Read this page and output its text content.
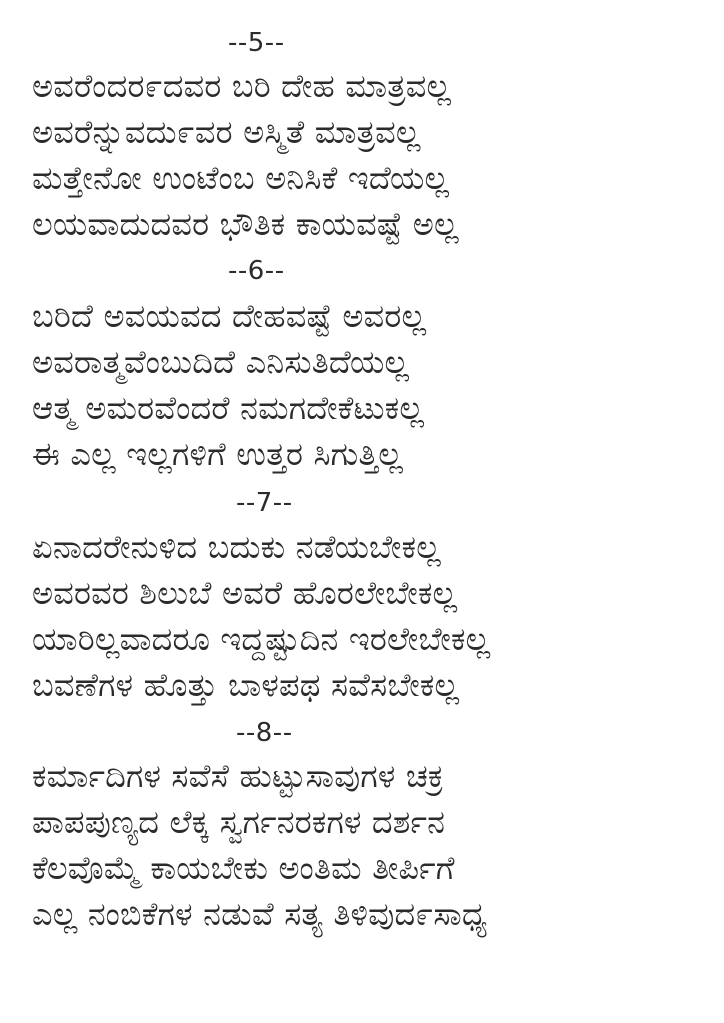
--5--
ಅವರೆಂದರ೯ದವರ ಬರಿ ದೇಹ ಮಾತ್ರವಲ್ಲ
ಅವರೆನ್ನುವದು೯ವರ ಅಸ್ಮಿತೆ ಮಾತ್ರವಲ್ಲ
ಮತ್ತೇನೋ ಉಂಟೆಂಬ ಅನಿಸಿಕೆ ಇದೆಯಲ್ಲ
ಲಯವಾದುದವರ ಭೌತಿಕ ಕಾಯವಷ್ಟೆ ಅಲ್ಲ
--6--
ಬರಿದೆ ಅವಯವದ ದೇಹವಷ್ಟೆ ಅವರಲ್ಲ
ಅವರಾತ್ಮವೆಂಬುದಿದೆ ಎನಿಸುತಿದೆಯಲ್ಲ
ಆತ್ಮ ಅಮರವೆಂದರೆ ನಮಗದೇಕೆಟುಕಲ್ಲ
ಈ ಎಲ್ಲ ಇಲ್ಲಗಳಿಗೆ ಉತ್ತರ ಸಿಗುತ್ತಿಲ್ಲ
--7--
ಏನಾದರೇನುಳಿದ ಬದುಕು ನಡೆಯಬೇಕಲ್ಲ
ಅವರವರ ಶಿಲುಬೆ ಅವರೆ ಹೊರಲೇಬೇಕಲ್ಲ
ಯಾರಿಲ್ಲವಾದರೂ ಇದ್ದಷ್ಟುದಿನ ಇರಲೇಬೇಕಲ್ಲ
ಬವಣೆಗಳ ಹೊತ್ತು ಬಾಳಪಥ ಸವೆಸಬೇಕಲ್ಲ
--8--
ಕರ್ಮಾದಿಗಳ ಸವೆಸೆ ಹುಟ್ಟುಸಾವುಗಳ ಚಕ್ರ
ಪಾಪಪುಣ್ಯದ ಲೆಕ್ಕ ಸ್ವರ್ಗನರಕಗಳ ದರ್ಶನ
ಕೆಲವೊಮ್ಮೆ ಕಾಯಬೇಕು ಅಂತಿಮ ತೀರ್ಪಿಗೆ
ಎಲ್ಲ ನಂಬಿಕೆಗಳ ನಡುವೆ ಸತ್ಯ ತಿಳಿವುದ೯ಸಾಧ್ಯ
